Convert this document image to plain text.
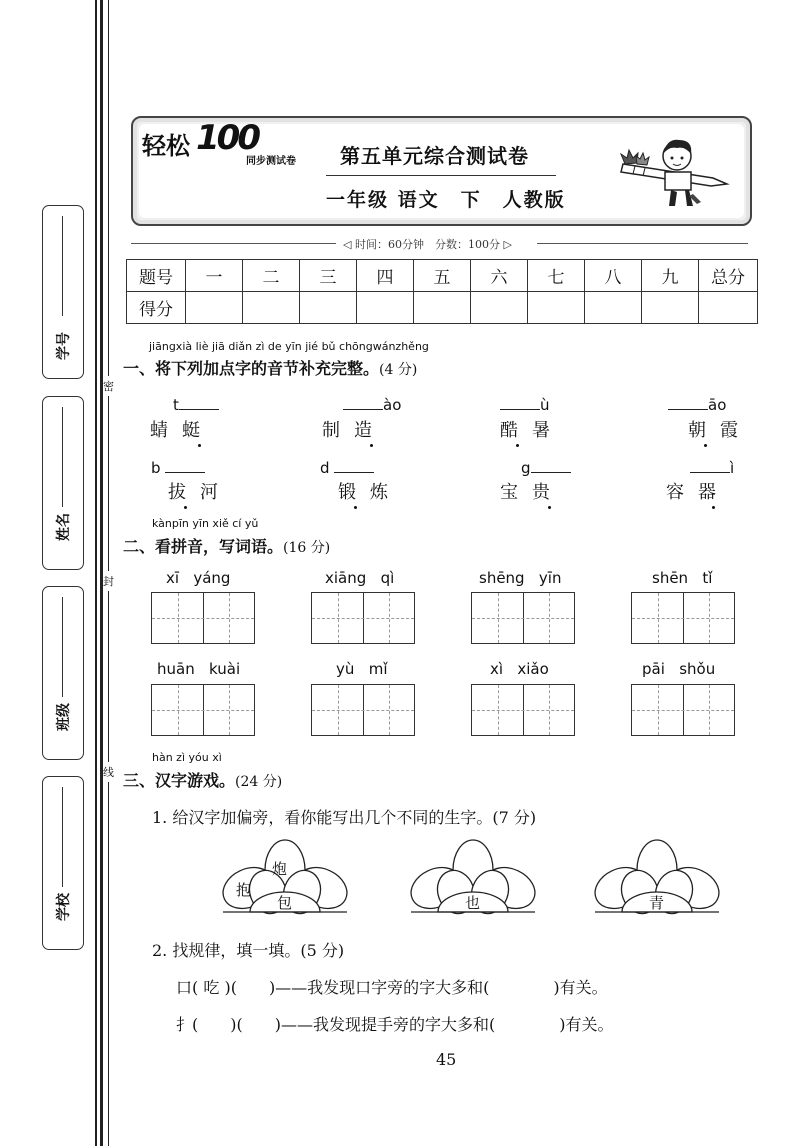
学号
姓名
班级
学校
密
封
线
轻松 100
同步测试卷 第五单元综合测试卷
一年级 语文　下　人教版
◁ 时间：60分钟　分数：100分 ▷
题号	一	二	三	四	五	六	七	八	九	总分
得分										
jiāngxià liè jiā diǎn zì de yīn jié bǔ chōngwánzhěng
一、将下列加点字的音节补充完整。(4 分)
t
蜻蜓
ào
制造
ù
酷暑
āo
朝霞
b
拔河
d
锻炼
g
宝贵
ì
容器
kànpīn yīn xiě cí yǔ
二、看拼音，写词语。(16 分)
xī yáng	xiāng qì	shēng yīn	shēn tǐ
huān kuài	yù mǐ	xì xiǎo	pāi shǒu
hàn zì yóu xì
三、汉字游戏。(24 分)
1. 给汉字加偏旁，看你能写出几个不同的生字。(7 分)
炮
抱
包	也	青
2. 找规律，填一填。(5 分)
口( 吃 )(　　)——我发现口字旁的字大多和(　　　　)有关。
扌(　　)(　　)——我发现提手旁的字大多和(　　　　)有关。
45
